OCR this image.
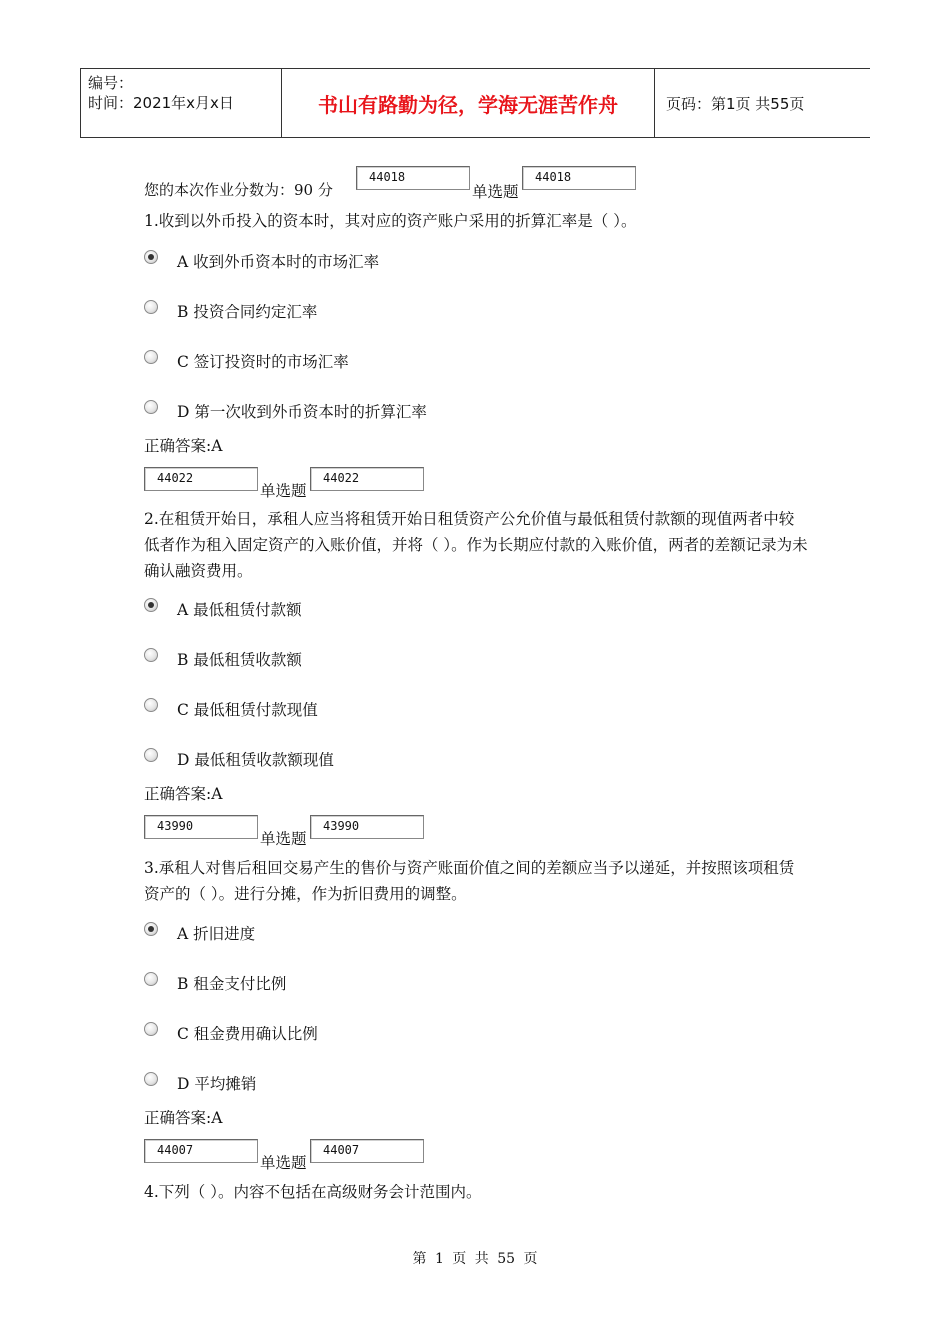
编号：
时间：2021年x月x日	书山有路勤为径，学海无涯苦作舟	页码：第1页 共55页
您的本次作业分数为：90 分
44018
单选题
44018
1.收到以外币投入的资本时，其对应的资产账户采用的折算汇率是（ ）。
A 收到外币资本时的市场汇率
B 投资合同约定汇率
C 签订投资时的市场汇率
D 第一次收到外币资本时的折算汇率
正确答案:A
44022
单选题
44022
2.在租赁开始日，承租人应当将租赁开始日租赁资产公允价值与最低租赁付款额的现值两者中较低者作为租入固定资产的入账价值，并将（ ）。作为长期应付款的入账价值，两者的差额记录为未确认融资费用。
A 最低租赁付款额
B 最低租赁收款额
C 最低租赁付款现值
D 最低租赁收款额现值
正确答案:A
43990
单选题
43990
3.承租人对售后租回交易产生的售价与资产账面价值之间的差额应当予以递延，并按照该项租赁资产的（ ）。进行分摊，作为折旧费用的调整。
A 折旧进度
B 租金支付比例
C 租金费用确认比例
D 平均摊销
正确答案:A
44007
单选题
44007
4.下列（ ）。内容不包括在高级财务会计范围内。
第 1 页 共 55 页
